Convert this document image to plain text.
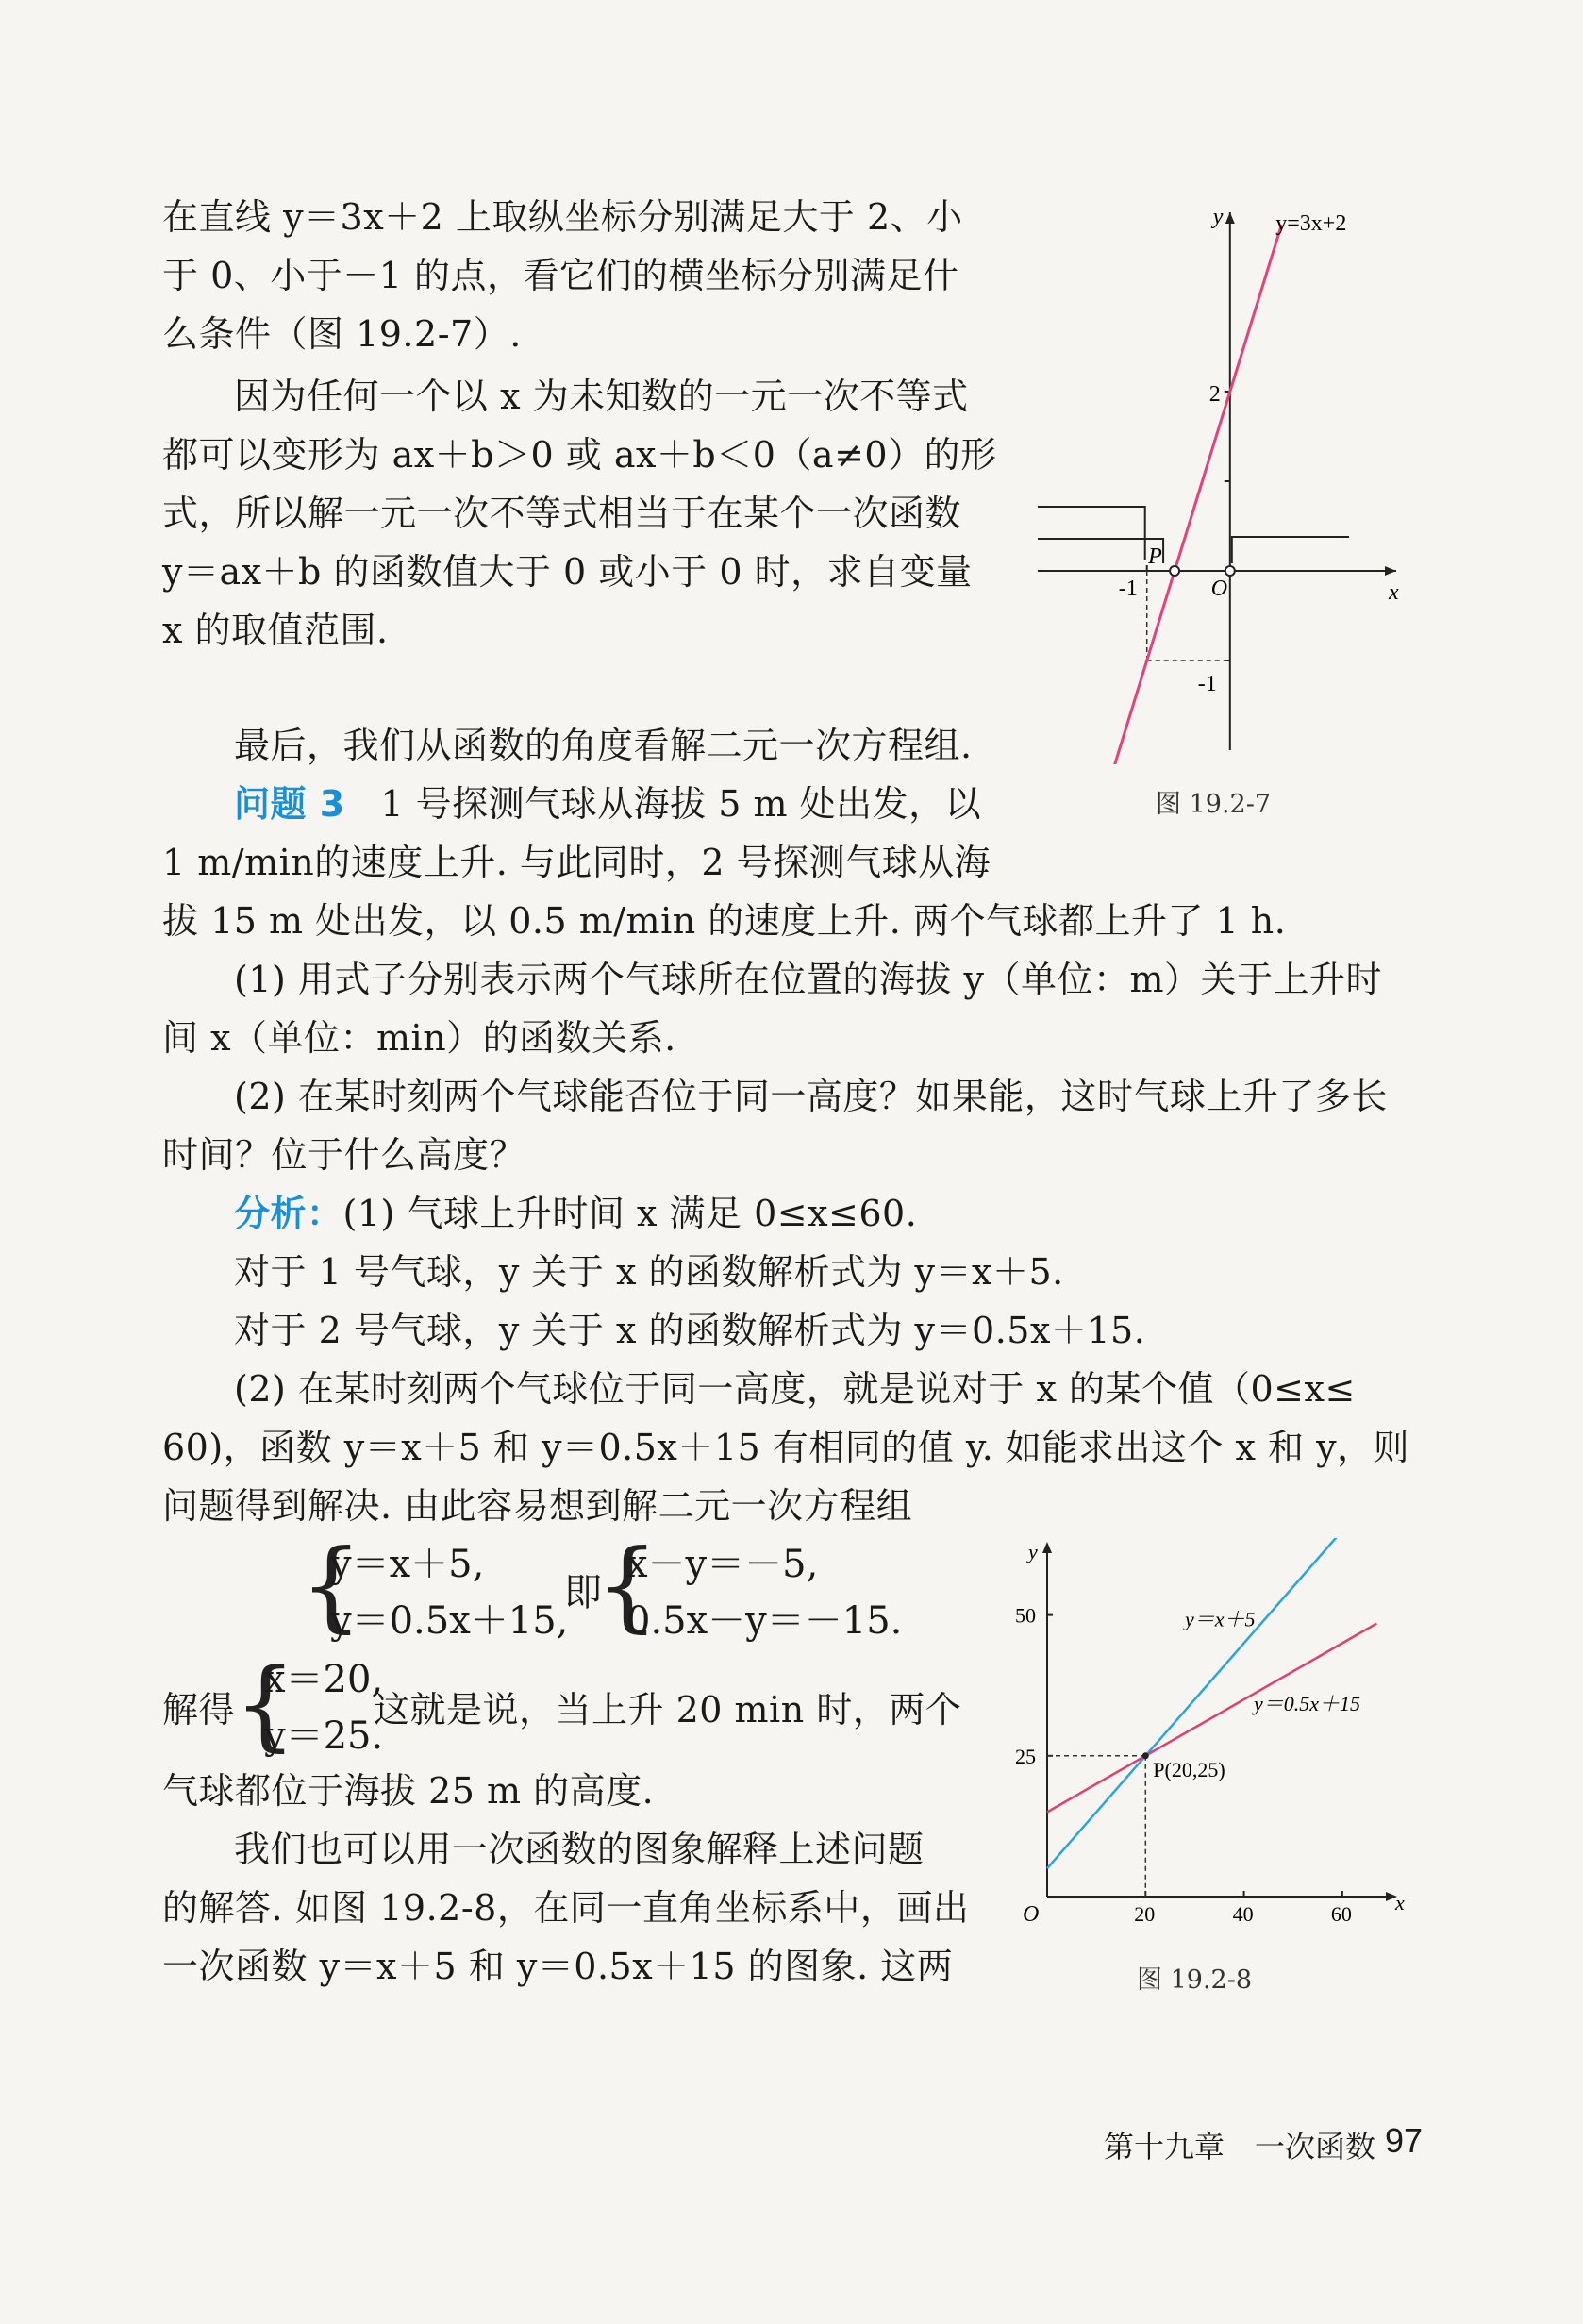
在直线 y＝3x＋2 上取纵坐标分别满足大于 2、小
于 0、小于－1 的点，看它们的横坐标分别满足什
么条件（图 19.2-7）.
因为任何一个以 x 为未知数的一元一次不等式
都可以变形为 ax＋b＞0 或 ax＋b＜0（a≠0）的形
式，所以解一元一次不等式相当于在某个一次函数
y＝ax＋b 的函数值大于 0 或小于 0 时，求自变量
x 的取值范围.
y
x
O
2
-1
-1
y=3x+2
P
图 19.2-7
最后，我们从函数的角度看解二元一次方程组.
问题 3 1 号探测气球从海拔 5 m 处出发，以
1 m/min的速度上升. 与此同时，2 号探测气球从海
拔 15 m 处出发，以 0.5 m/min 的速度上升. 两个气球都上升了 1 h.
(1) 用式子分别表示两个气球所在位置的海拔 y（单位：m）关于上升时
间 x（单位：min）的函数关系.
(2) 在某时刻两个气球能否位于同一高度？如果能，这时气球上升了多长
时间？位于什么高度？
分析：(1) 气球上升时间 x 满足 0≤x≤60.
对于 1 号气球，y 关于 x 的函数解析式为 y＝x＋5.
对于 2 号气球，y 关于 x 的函数解析式为 y＝0.5x＋15.
(2) 在某时刻两个气球位于同一高度，就是说对于 x 的某个值（0≤x≤
60)，函数 y＝x＋5 和 y＝0.5x＋15 有相同的值 y. 如能求出这个 x 和 y，则
问题得到解决. 由此容易想到解二元一次方程组
{
y＝x＋5,
y＝0.5x＋15,
即
{
x－y＝－5,
0.5x－y＝－15.
解得
{
x＝20,
y＝25.
这就是说，当上升 20 min 时，两个
气球都位于海拔 25 m 的高度.
我们也可以用一次函数的图象解释上述问题
的解答. 如图 19.2-8，在同一直角坐标系中，画出
一次函数 y＝x＋5 和 y＝0.5x＋15 的图象. 这两
y
x
O	20	40	60
25
50	y＝x＋5
y＝0.5x＋15
P(20,25)
图 19.2-8
第十九章　一次函数 97
